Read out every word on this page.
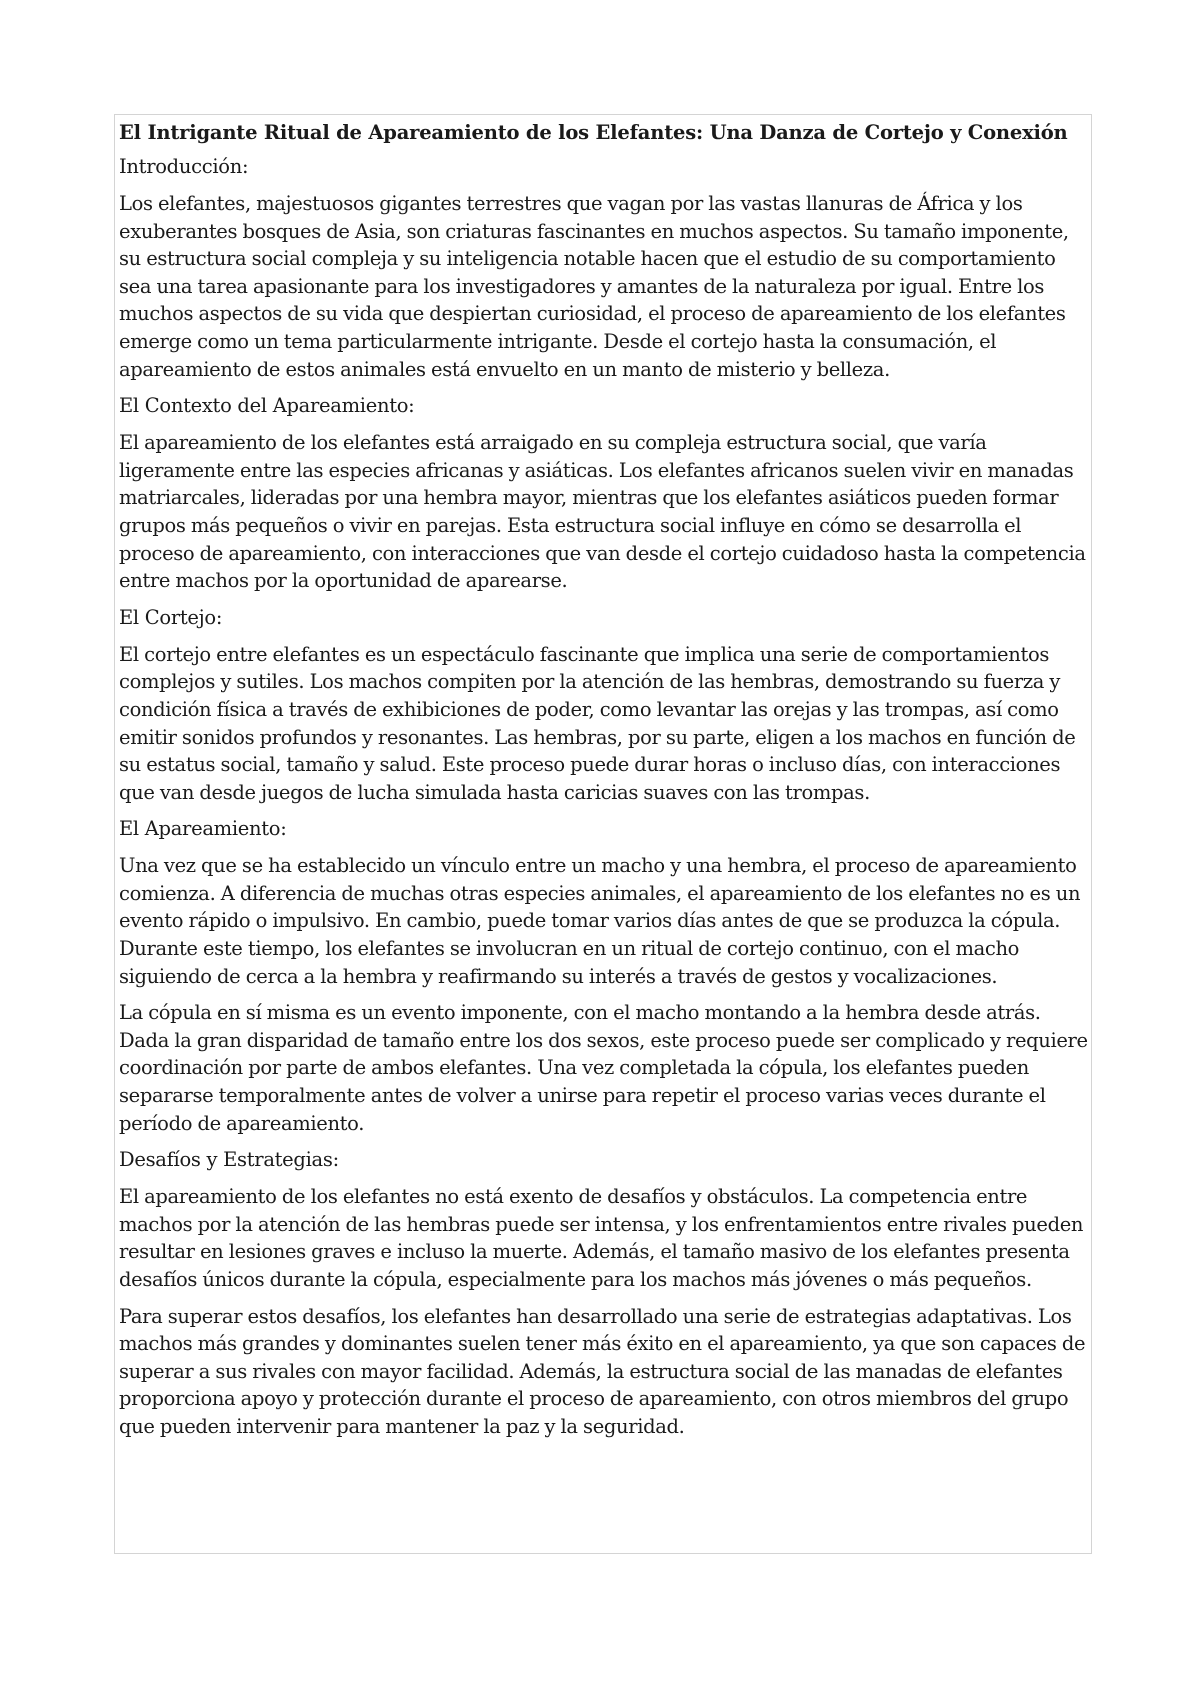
El Intrigante Ritual de Apareamiento de los Elefantes: Una Danza de Cortejo y Conexión
Introducción:

Los elefantes, majestuosos gigantes terrestres que vagan por las vastas llanuras de África y los exuberantes bosques de Asia, son criaturas fascinantes en muchos aspectos. Su tamaño imponente, su estructura social compleja y su inteligencia notable hacen que el estudio de su comportamiento sea una tarea apasionante para los investigadores y amantes de la naturaleza por igual. Entre los muchos aspectos de su vida que despiertan curiosidad, el proceso de apareamiento de los elefantes emerge como un tema particularmente intrigante. Desde el cortejo hasta la consumación, el apareamiento de estos animales está envuelto en un manto de misterio y belleza.

El Contexto del Apareamiento:

El apareamiento de los elefantes está arraigado en su compleja estructura social, que varía ligeramente entre las especies africanas y asiáticas. Los elefantes africanos suelen vivir en manadas matriarcales, lideradas por una hembra mayor, mientras que los elefantes asiáticos pueden formar grupos más pequeños o vivir en parejas. Esta estructura social influye en cómo se desarrolla el proceso de apareamiento, con interacciones que van desde el cortejo cuidadoso hasta la competencia entre machos por la oportunidad de aparearse.

El Cortejo:

El cortejo entre elefantes es un espectáculo fascinante que implica una serie de comportamientos complejos y sutiles. Los machos compiten por la atención de las hembras, demostrando su fuerza y condición física a través de exhibiciones de poder, como levantar las orejas y las trompas, así como emitir sonidos profundos y resonantes. Las hembras, por su parte, eligen a los machos en función de su estatus social, tamaño y salud. Este proceso puede durar horas o incluso días, con interacciones que van desde juegos de lucha simulada hasta caricias suaves con las trompas.

El Apareamiento:

Una vez que se ha establecido un vínculo entre un macho y una hembra, el proceso de apareamiento comienza. A diferencia de muchas otras especies animales, el apareamiento de los elefantes no es un evento rápido o impulsivo. En cambio, puede tomar varios días antes de que se produzca la cópula. Durante este tiempo, los elefantes se involucran en un ritual de cortejo continuo, con el macho siguiendo de cerca a la hembra y reafirmando su interés a través de gestos y vocalizaciones.

La cópula en sí misma es un evento imponente, con el macho montando a la hembra desde atrás. Dada la gran disparidad de tamaño entre los dos sexos, este proceso puede ser complicado y requiere coordinación por parte de ambos elefantes. Una vez completada la cópula, los elefantes pueden separarse temporalmente antes de volver a unirse para repetir el proceso varias veces durante el período de apareamiento.

Desafíos y Estrategias:

El apareamiento de los elefantes no está exento de desafíos y obstáculos. La competencia entre machos por la atención de las hembras puede ser intensa, y los enfrentamientos entre rivales pueden resultar en lesiones graves e incluso la muerte. Además, el tamaño masivo de los elefantes presenta desafíos únicos durante la cópula, especialmente para los machos más jóvenes o más pequeños.

Para superar estos desafíos, los elefantes han desarrollado una serie de estrategias adaptativas. Los machos más grandes y dominantes suelen tener más éxito en el apareamiento, ya que son capaces de superar a sus rivales con mayor facilidad. Además, la estructura social de las manadas de elefantes proporciona apoyo y protección durante el proceso de apareamiento, con otros miembros del grupo que pueden intervenir para mantener la paz y la seguridad.
